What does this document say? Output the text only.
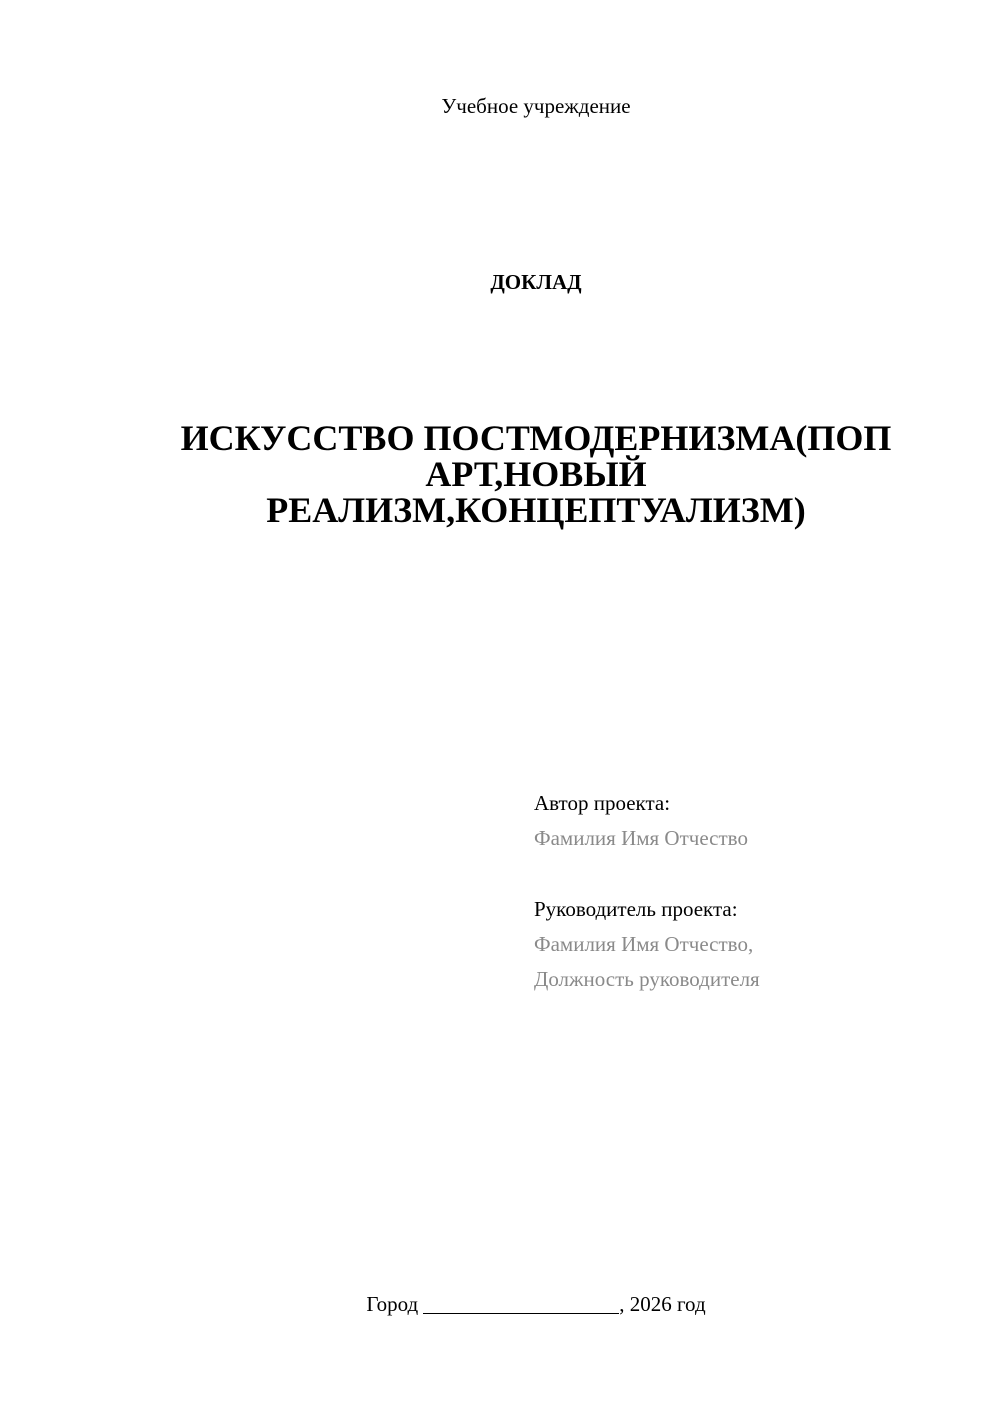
Учебное учреждение
ДОКЛАД
ИСКУССТВО ПОСТМОДЕРНИЗМА(ПОП
АРТ,НОВЫЙ
РЕАЛИЗМ,КОНЦЕПТУАЛИЗМ)
Автор проекта:
Фамилия Имя Отчество
Руководитель проекта:
Фамилия Имя Отчество,
Должность руководителя
Город	, 2026 год
